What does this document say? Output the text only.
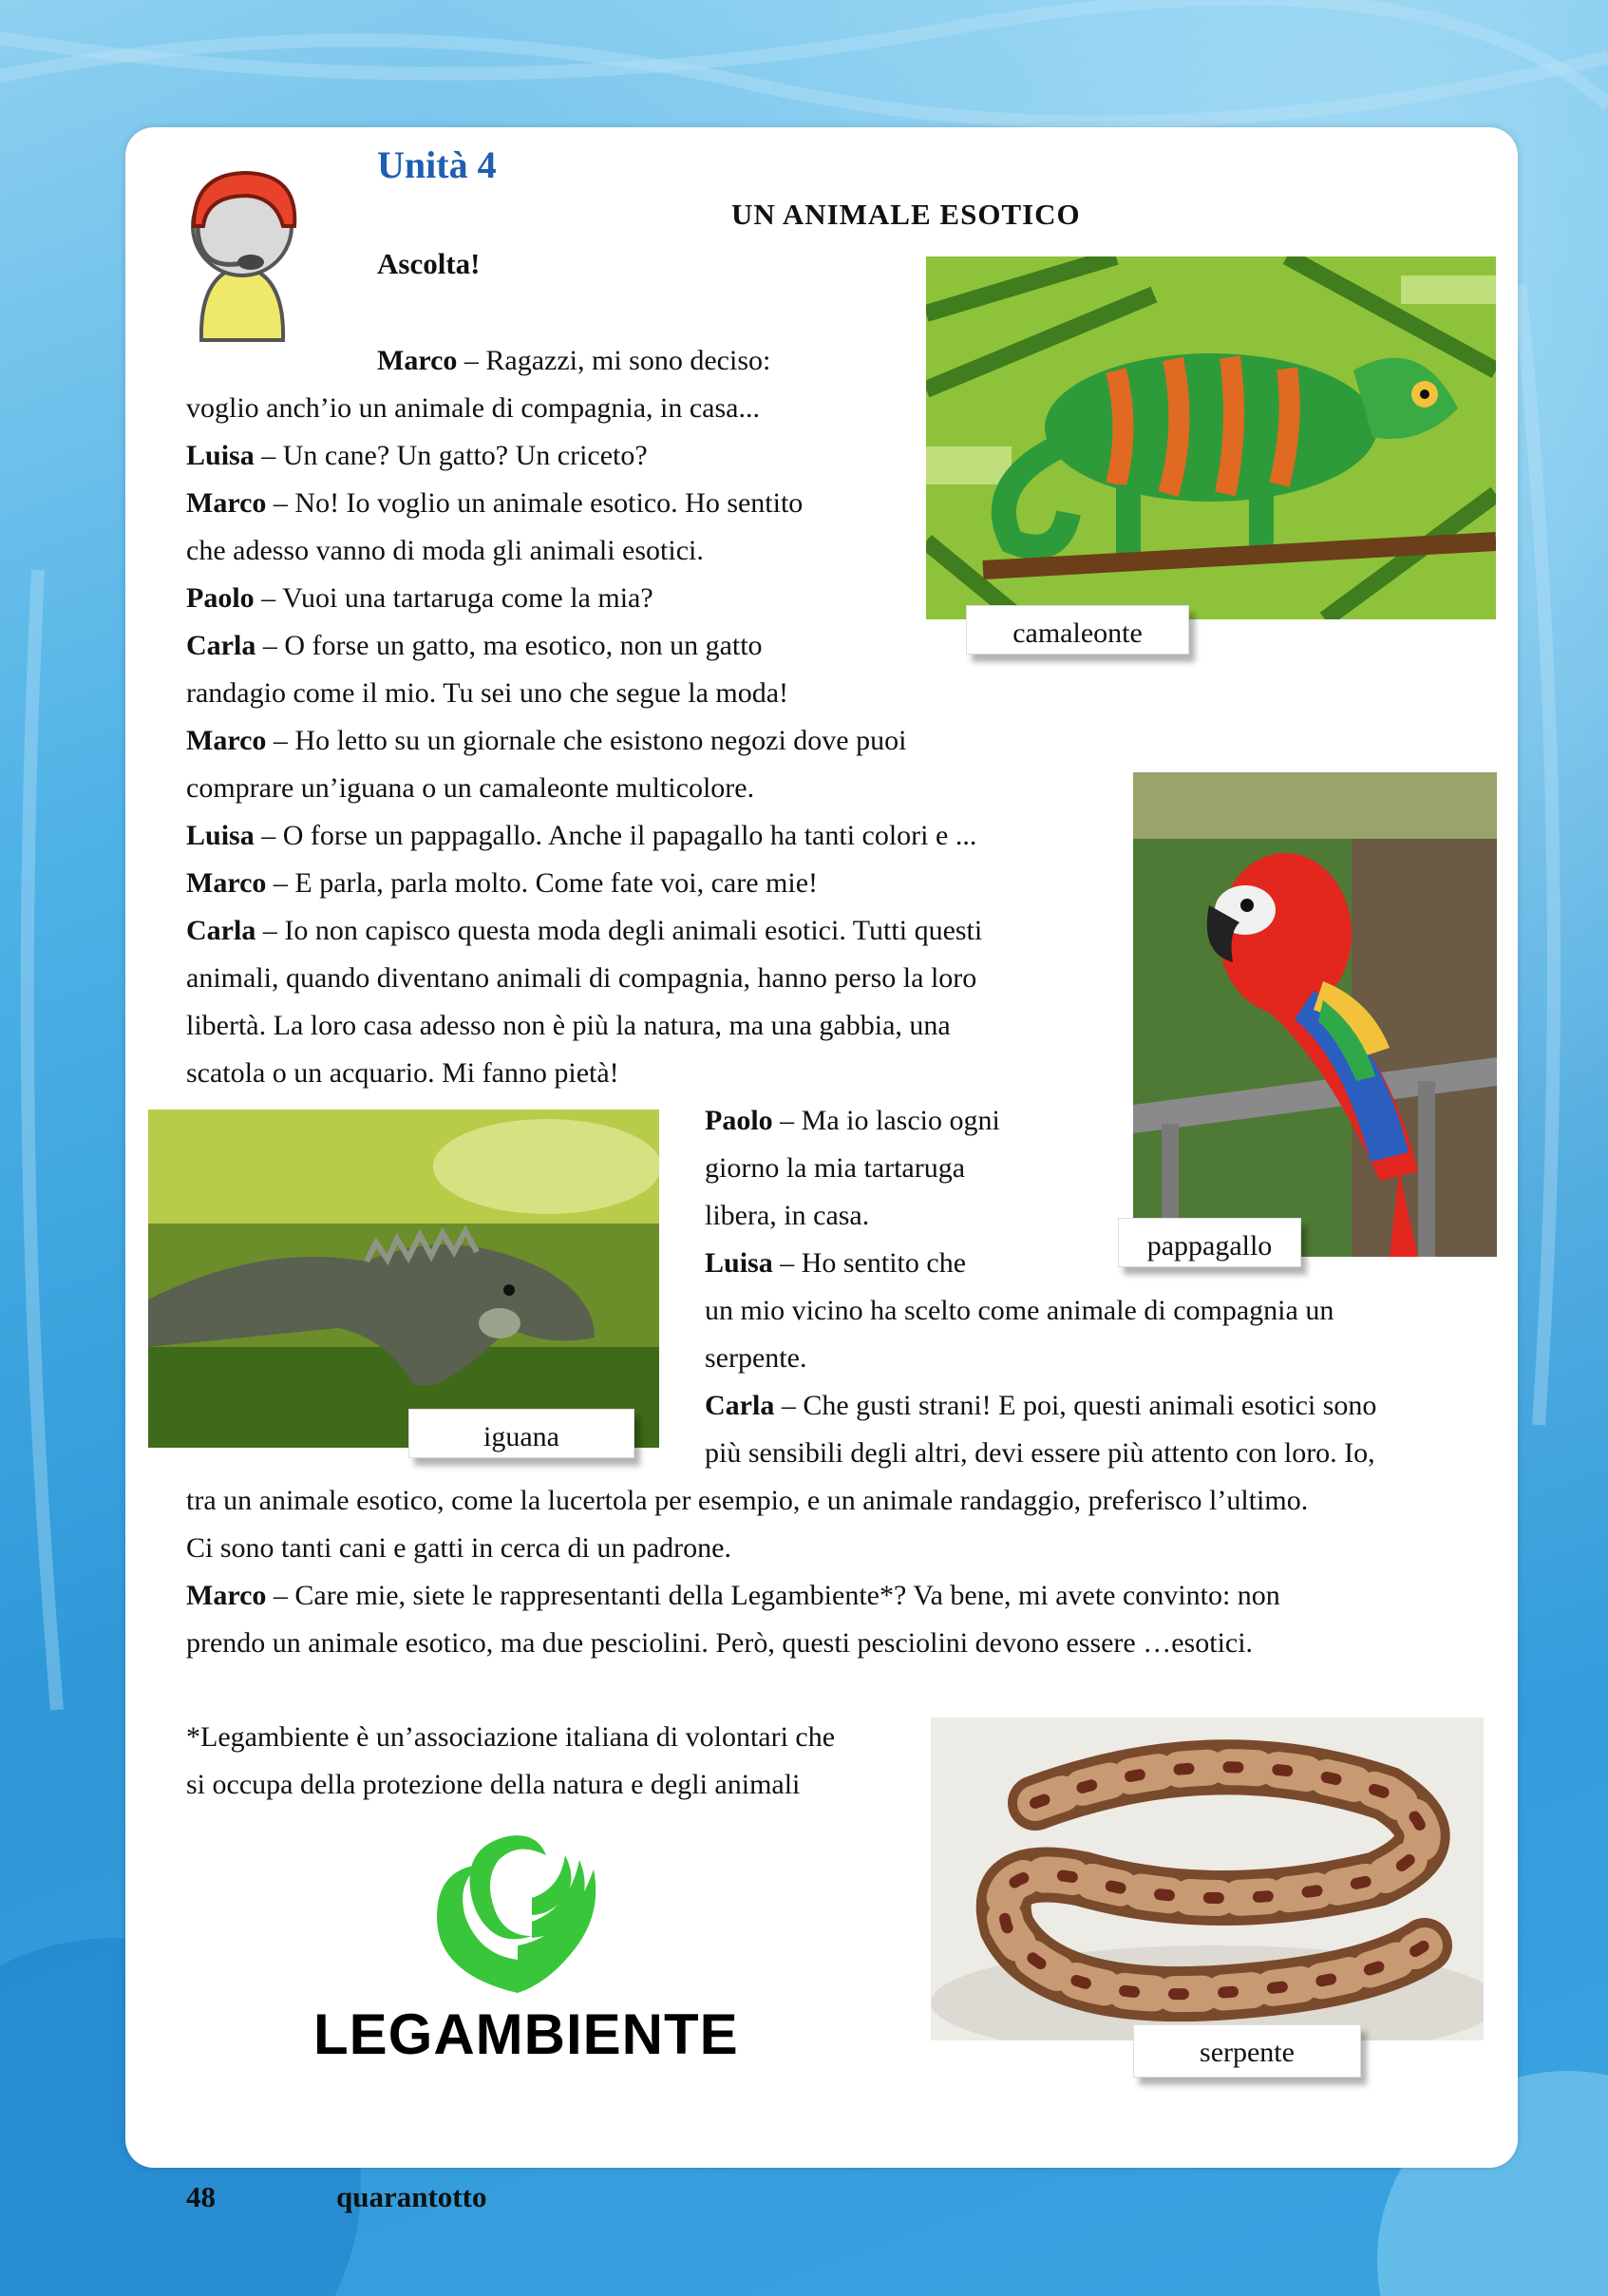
Unità 4
UN ANIMALE ESOTICO
Ascolta!
Marco – Ragazzi, mi sono deciso:
voglio anch’io un animale di compagnia, in casa...
Luisa – Un cane? Un gatto? Un criceto?
Marco – No! Io voglio un animale esotico. Ho sentito
che adesso vanno di moda gli animali esotici.
Paolo – Vuoi una tartaruga come la mia?
Carla – O forse un gatto, ma esotico, non un gatto
randagio come il mio. Tu sei uno che segue la moda!
Marco – Ho letto su un giornale che esistono negozi dove puoi
comprare un’iguana o un camaleonte multicolore.
Luisa – O forse un pappagallo. Anche il papagallo ha tanti colori e ...
Marco – E parla, parla molto. Come fate voi, care mie!
Carla – Io non capisco questa moda degli animali esotici. Tutti questi
animali, quando diventano animali di compagnia, hanno perso la loro
libertà. La loro casa adesso non è più la natura, ma una gabbia, una
scatola o un acquario. Mi fanno pietà!
Paolo – Ma io lascio ogni
giorno la mia tartaruga
libera, in casa.
Luisa – Ho sentito che
un mio vicino ha scelto come animale di compagnia un
serpente.
Carla – Che gusti strani! E poi, questi animali esotici sono
più sensibili degli altri, devi essere più attento con loro. Io,
tra un animale esotico, come la lucertola per esempio, e un animale randaggio, preferisco l’ultimo.
Ci sono tanti cani e gatti in cerca di un padrone.
Marco – Care mie, siete le rappresentanti della Legambiente*? Va bene, mi avete convinto: non
prendo un animale esotico, ma due pesciolini. Però, questi pesciolini devono essere …esotici.
camaleonte
pappagallo
iguana
serpente
*Legambiente è un’associazione italiana di volontari che
si occupa della protezione della natura e degli animali
LEGAMBIENTE
48	quarantotto
